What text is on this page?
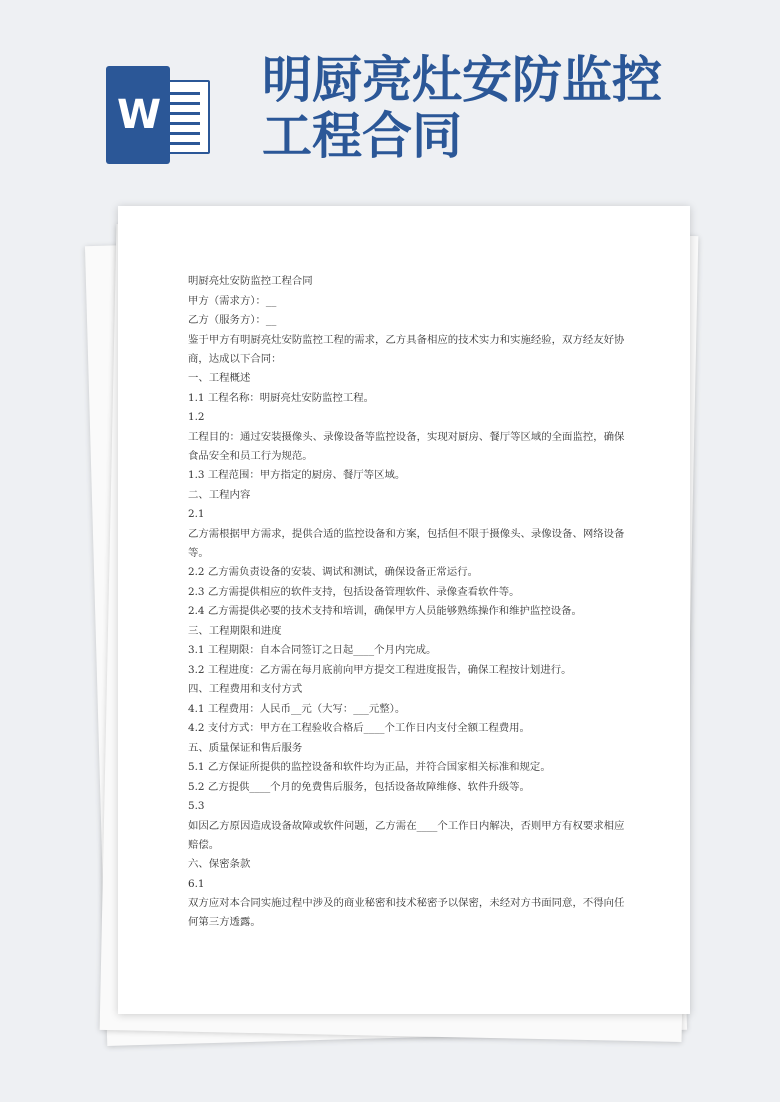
W
明厨亮灶安防监控
工程合同

明厨亮灶安防监控工程合同

甲方（需求方）：__

乙方（服务方）：__

鉴于甲方有明厨亮灶安防监控工程的需求，乙方具备相应的技术实力和实施经验，双方经友好协商，达成以下合同：

一、工程概述

1.1 工程名称：明厨亮灶安防监控工程。

1.2

工程目的：通过安装摄像头、录像设备等监控设备，实现对厨房、餐厅等区域的全面监控，确保食品安全和员工行为规范。

1.3 工程范围：甲方指定的厨房、餐厅等区域。

二、工程内容

2.1

乙方需根据甲方需求，提供合适的监控设备和方案，包括但不限于摄像头、录像设备、网络设备等。

2.2 乙方需负责设备的安装、调试和测试，确保设备正常运行。

2.3 乙方需提供相应的软件支持，包括设备管理软件、录像查看软件等。

2.4 乙方需提供必要的技术支持和培训，确保甲方人员能够熟练操作和维护监控设备。

三、工程期限和进度

3.1 工程期限：自本合同签订之日起____个月内完成。

3.2 工程进度：乙方需在每月底前向甲方提交工程进度报告，确保工程按计划进行。

四、工程费用和支付方式

4.1 工程费用：人民币__元（大写：___元整）。

4.2 支付方式：甲方在工程验收合格后____个工作日内支付全额工程费用。

五、质量保证和售后服务

5.1 乙方保证所提供的监控设备和软件均为正品，并符合国家相关标准和规定。

5.2 乙方提供____个月的免费售后服务，包括设备故障维修、软件升级等。

5.3

如因乙方原因造成设备故障或软件问题，乙方需在____个工作日内解决，否则甲方有权要求相应赔偿。

六、保密条款

6.1

双方应对本合同实施过程中涉及的商业秘密和技术秘密予以保密，未经对方书面同意，不得向任何第三方透露。
